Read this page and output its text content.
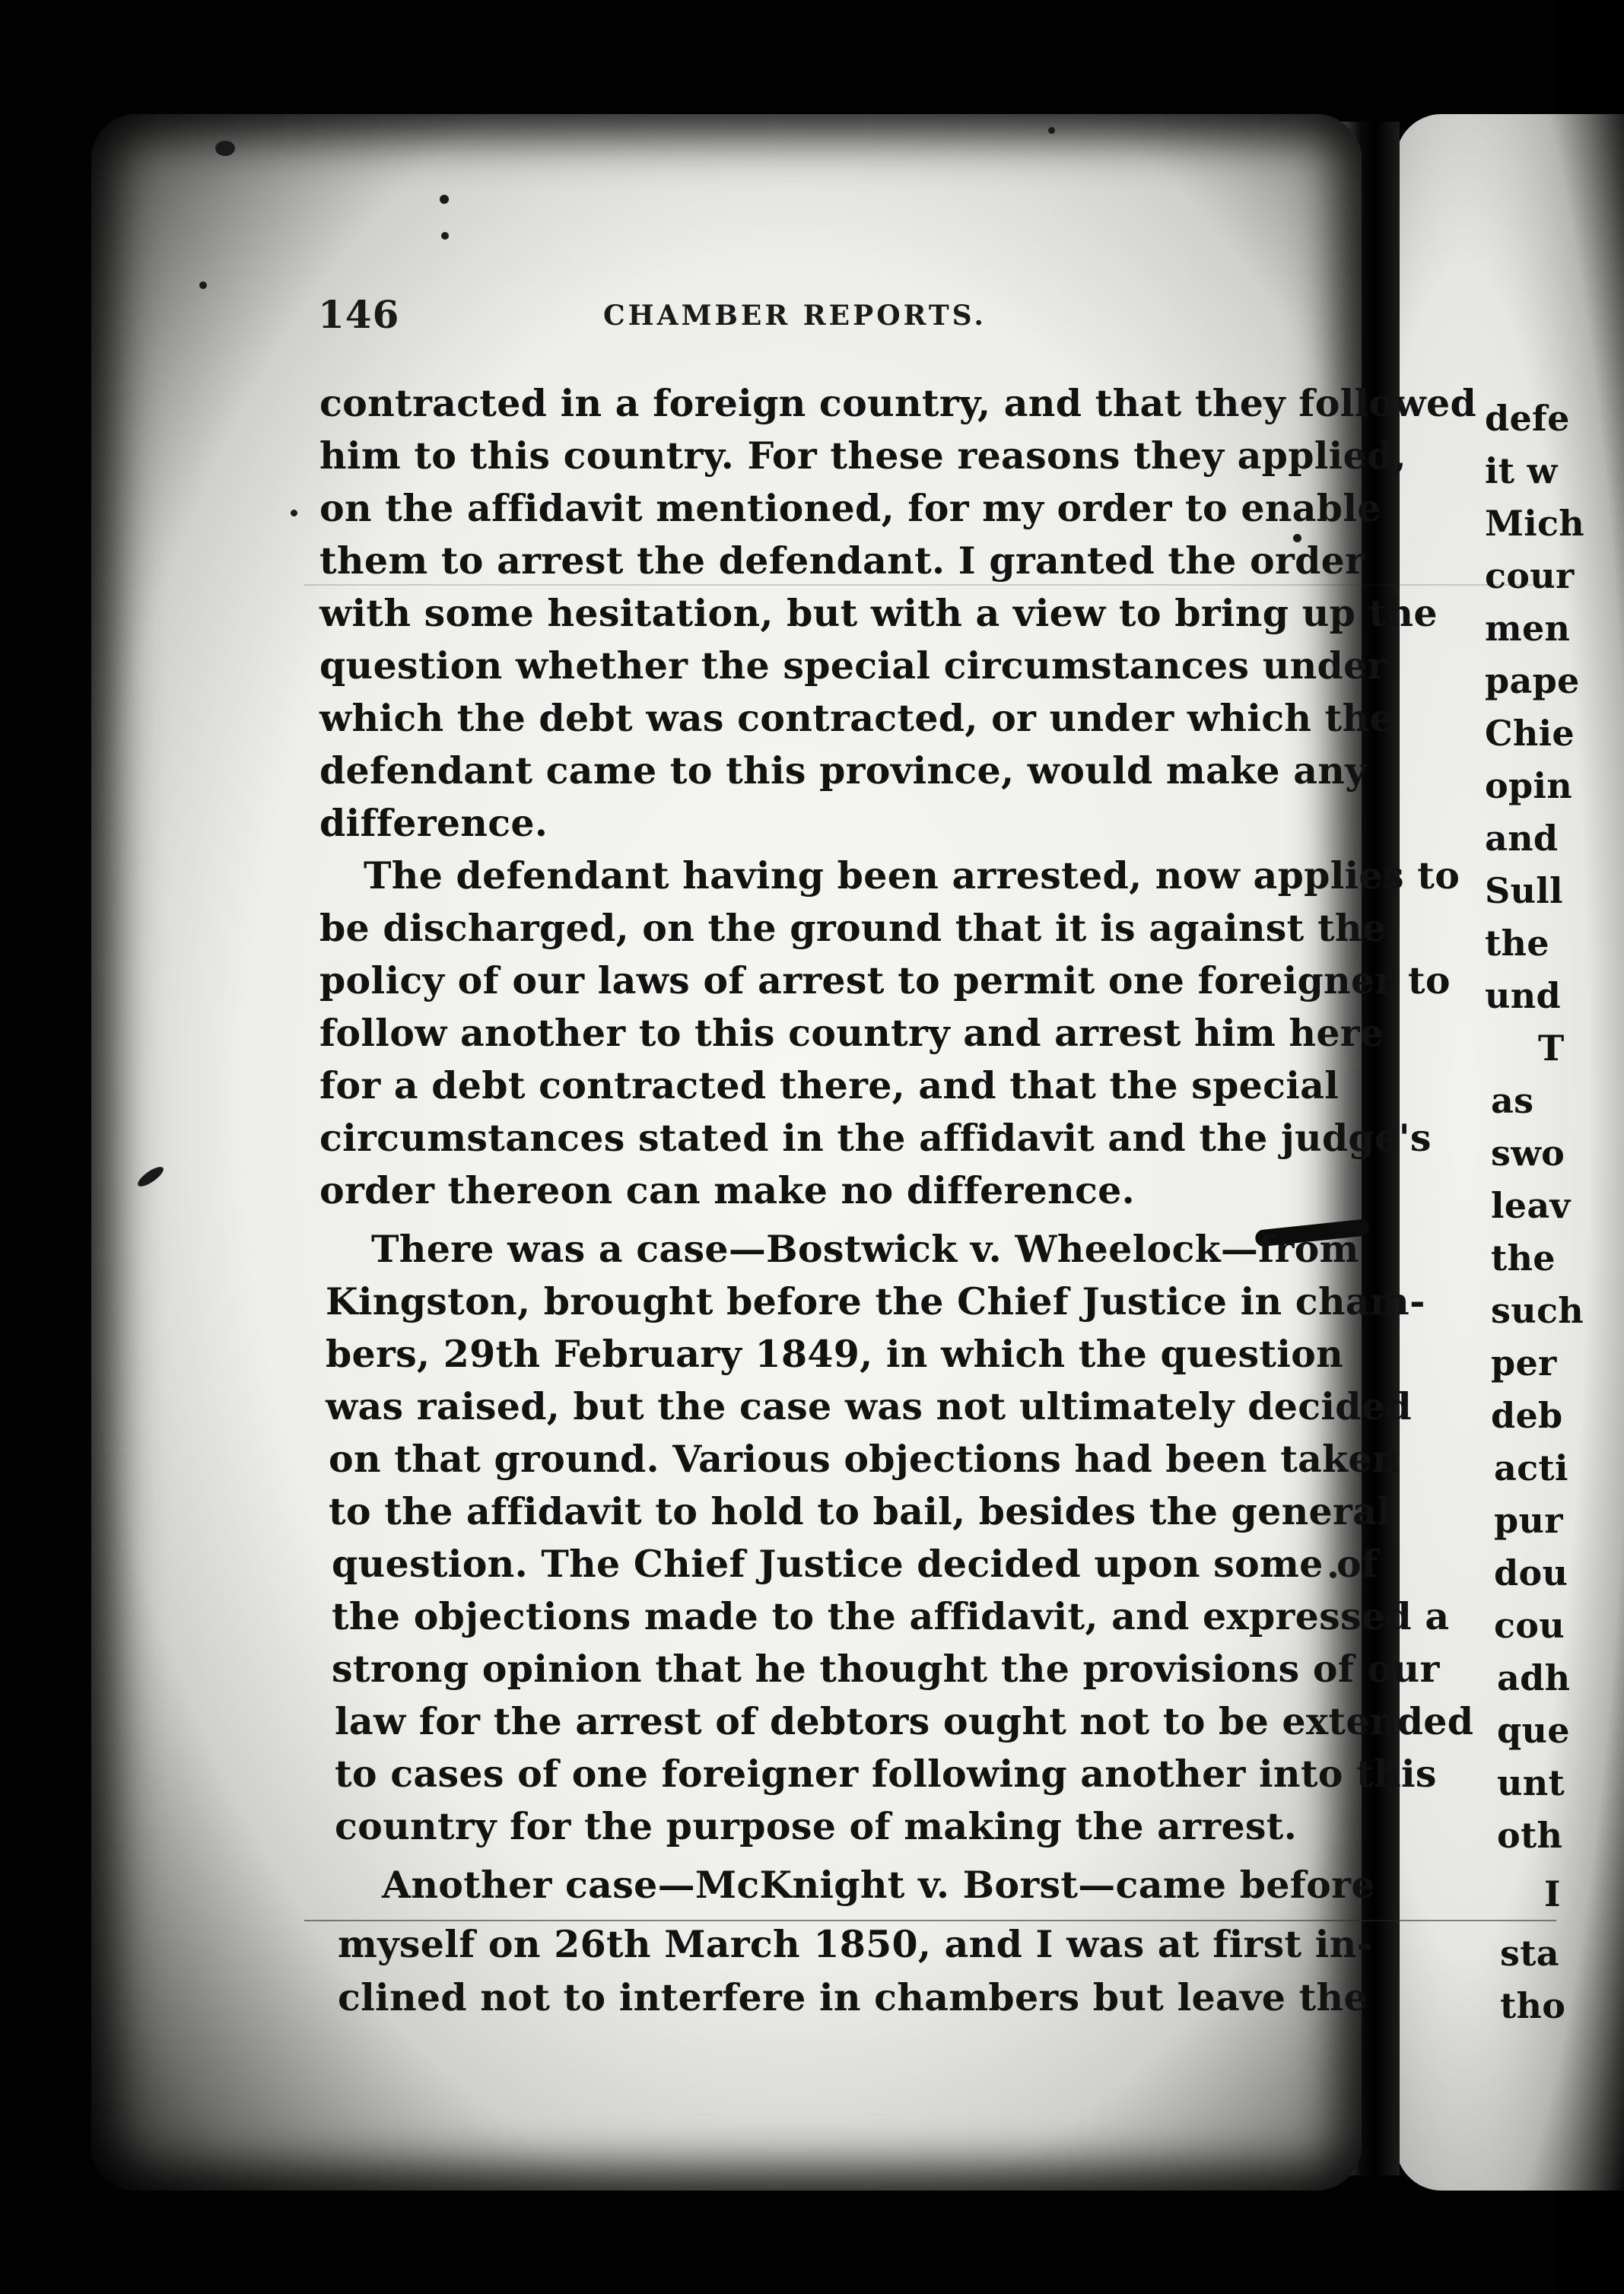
146	CHAMBER REPORTS.
contracted in a foreign country, and that they followed
him to this country. For these reasons they applied,
on the affidavit mentioned, for my order to enable
them to arrest the defendant. I granted the order
with some hesitation, but with a view to bring up the
question whether the special circumstances under
which the debt was contracted, or under which the
defendant came to this province, would make any
difference.
The defendant having been arrested, now applies to
be discharged, on the ground that it is against the
policy of our laws of arrest to permit one foreigner to
follow another to this country and arrest him here
for a debt contracted there, and that the special
circumstances stated in the affidavit and the judge's
order thereon can make no difference.
There was a case—Bostwick v. Wheelock—from
Kingston, brought before the Chief Justice in cham-
bers, 29th February 1849, in which the question
was raised, but the case was not ultimately decided
on that ground. Various objections had been taken
to the affidavit to hold to bail, besides the general
question. The Chief Justice decided upon some of
the objections made to the affidavit, and expressed a
strong opinion that he thought the provisions of our
law for the arrest of debtors ought not to be extended
to cases of one foreigner following another into this
country for the purpose of making the arrest.
Another case—McKnight v. Borst—came before
myself on 26th March 1850, and I was at first in-
clined not to interfere in chambers but leave the
defe
it w
Mich
cour
men
pape
Chie
opin
and
Sull
the
und
T
as
swo
leav
the
such
per
deb
acti
pur
dou
cou
adh
que
unt
oth
I
sta
tho
